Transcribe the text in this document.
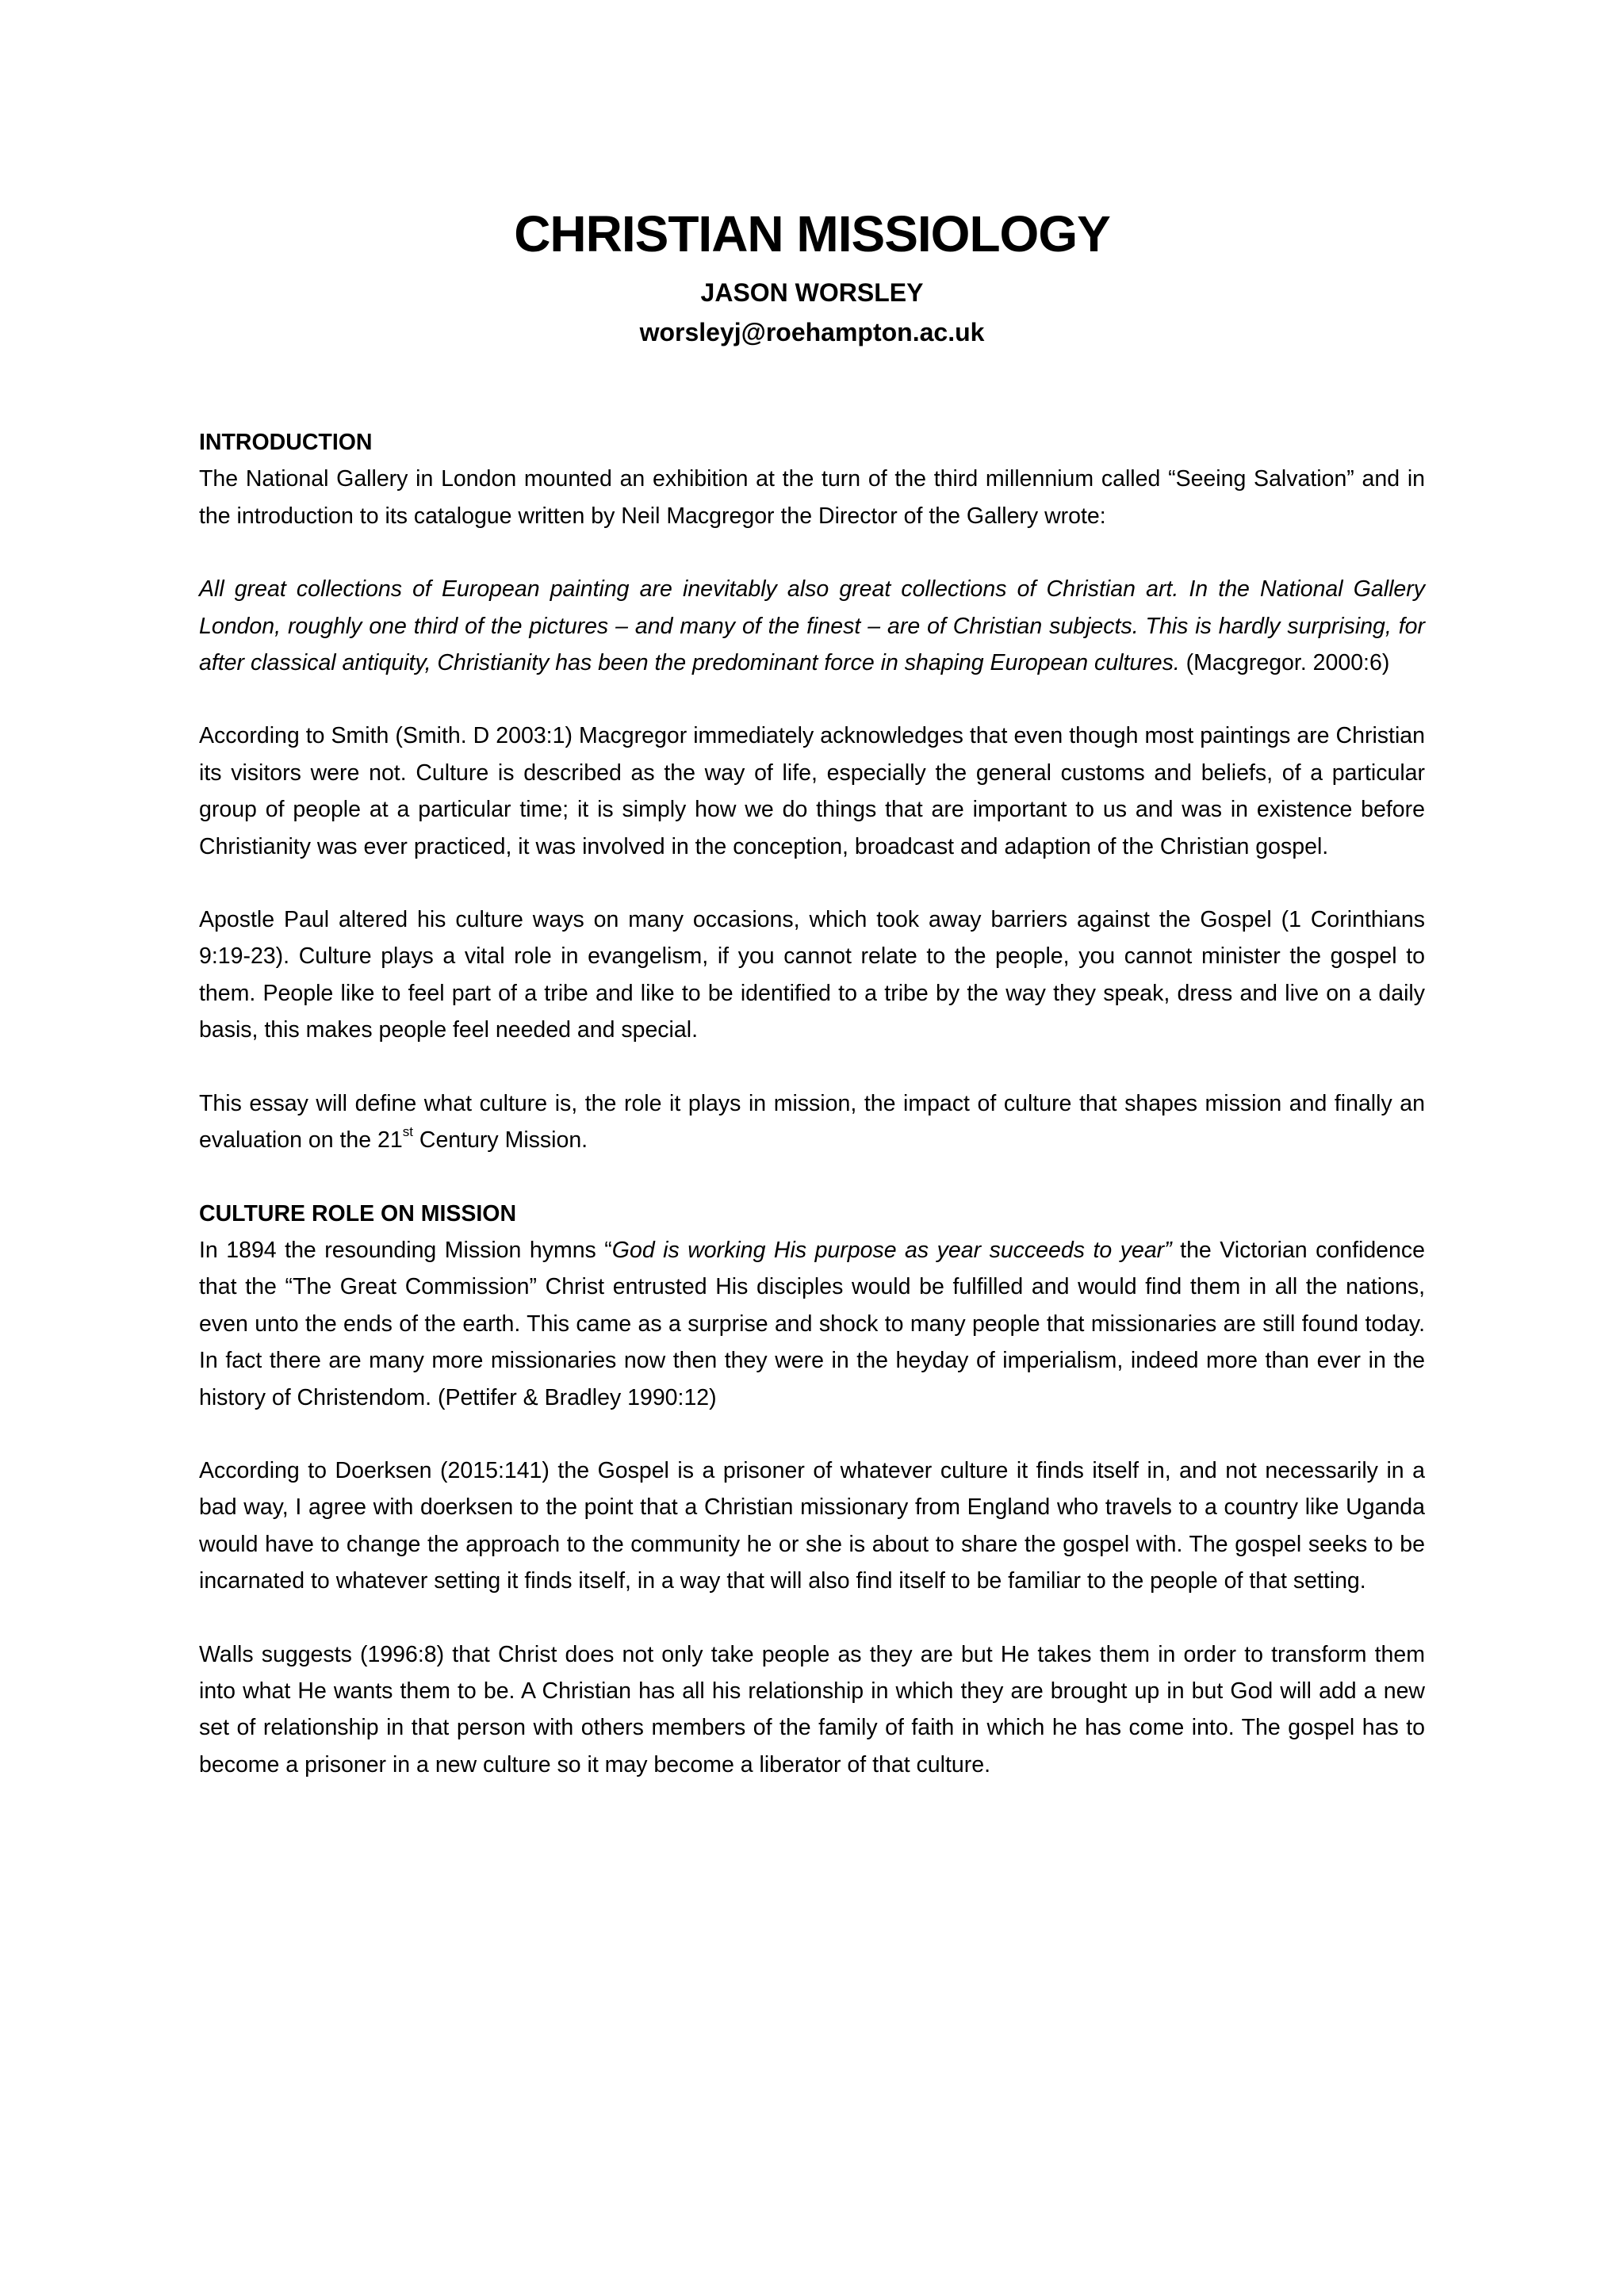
CHRISTIAN MISSIOLOGY
JASON WORSLEY
worsleyj@roehampton.ac.uk

INTRODUCTION

The National Gallery in London mounted an exhibition at the turn of the third millennium called “Seeing Salvation” and in the introduction to its catalogue written by Neil Macgregor the Director of the Gallery wrote:

All great collections of European painting are inevitably also great collections of Christian art. In the National Gallery London, roughly one third of the pictures – and many of the finest – are of Christian subjects. This is hardly surprising, for after classical antiquity, Christianity has been the predominant force in shaping European cultures. (Macgregor. 2000:6)

According to Smith (Smith. D 2003:1) Macgregor immediately acknowledges that even though most paintings are Christian its visitors were not. Culture is described as the way of life, especially the general customs and beliefs, of a particular group of people at a particular time; it is simply how we do things that are important to us and was in existence before Christianity was ever practiced, it was involved in the conception, broadcast and adaption of the Christian gospel.

Apostle Paul altered his culture ways on many occasions, which took away barriers against the Gospel (1 Corinthians 9:19-23). Culture plays a vital role in evangelism, if you cannot relate to the people, you cannot minister the gospel to them. People like to feel part of a tribe and like to be identified to a tribe by the way they speak, dress and live on a daily basis, this makes people feel needed and special.

This essay will define what culture is, the role it plays in mission, the impact of culture that shapes mission and finally an evaluation on the 21st Century Mission.

CULTURE ROLE ON MISSION

In 1894 the resounding Mission hymns “God is working His purpose as year succeeds to year” the Victorian confidence that the “The Great Commission” Christ entrusted His disciples would be fulfilled and would find them in all the nations, even unto the ends of the earth. This came as a surprise and shock to many people that missionaries are still found today. In fact there are many more missionaries now then they were in the heyday of imperialism, indeed more than ever in the history of Christendom. (Pettifer & Bradley 1990:12)

According to Doerksen (2015:141) the Gospel is a prisoner of whatever culture it finds itself in, and not necessarily in a bad way, I agree with doerksen to the point that a Christian missionary from England who travels to a country like Uganda would have to change the approach to the community he or she is about to share the gospel with. The gospel seeks to be incarnated to whatever setting it finds itself, in a way that will also find itself to be familiar to the people of that setting.

Walls suggests (1996:8) that Christ does not only take people as they are but He takes them in order to transform them into what He wants them to be. A Christian has all his relationship in which they are brought up in but God will add a new set of relationship in that person with others members of the family of faith in which he has come into. The gospel has to become a prisoner in a new culture so it may become a liberator of that culture.
